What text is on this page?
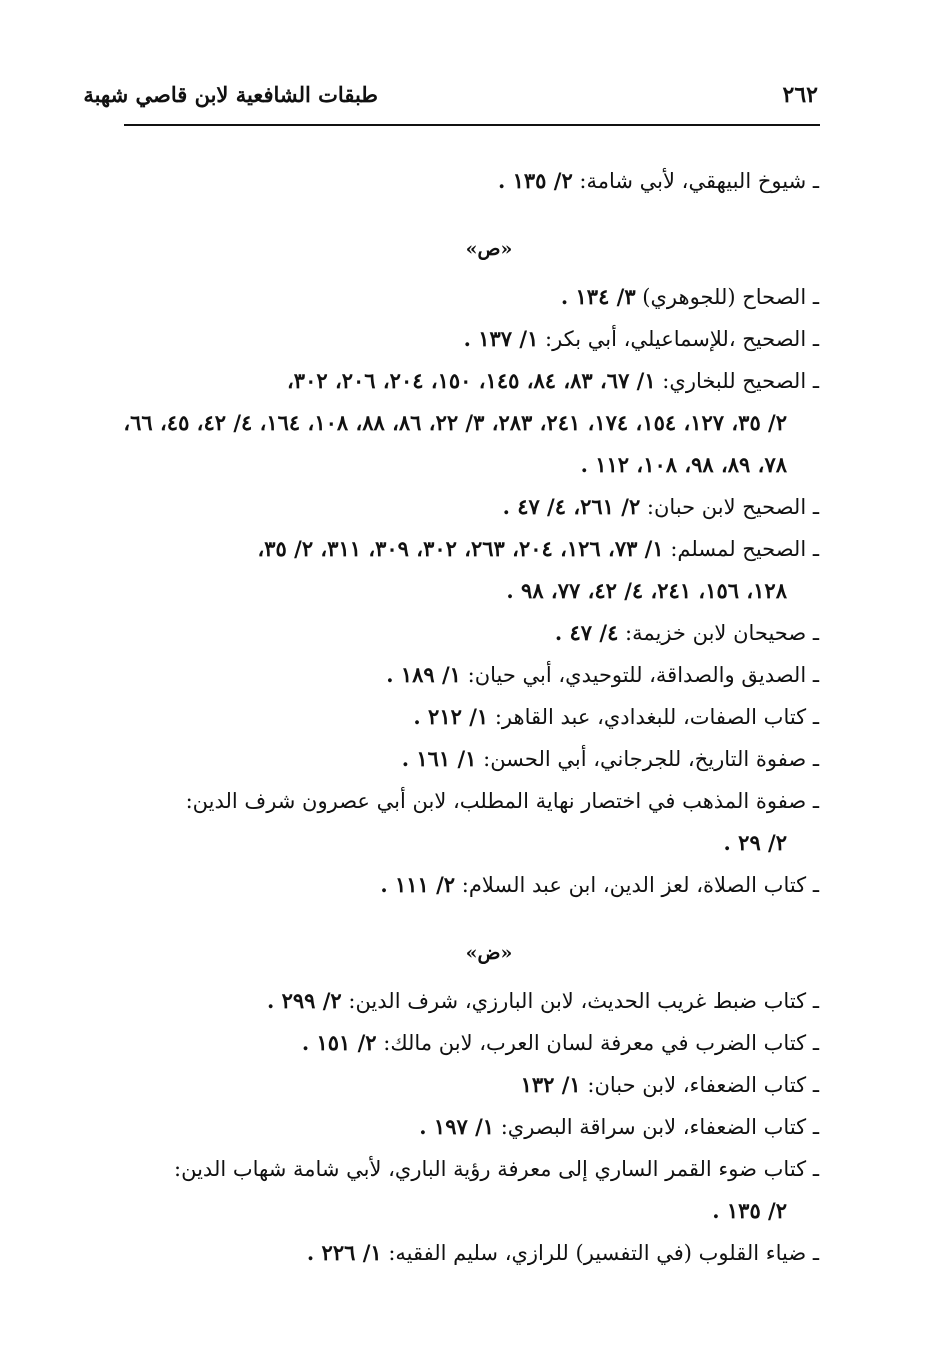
طبقات الشافعية لابن قاصي شهبة	٢٦٢

ـ شيوخ البيهقي، لأبي شامة: ٢/ ١٣٥ .

«ص»

ـ الصحاح (للجوهري) ٣/ ١٣٤ .

ـ الصحيح ،للإسماعيلي، أبي بكر: ١/ ١٣٧ .

ـ الصحيح للبخاري: ١/ ٦٧، ٨٣، ٨٤، ١٤٥، ١٥٠، ٢٠٤، ٢٠٦، ٣٠٢،
٢/ ٣٥، ١٢٧، ١٥٤، ١٧٤، ٢٤١، ٢٨٣، ٣/ ٢٢، ٨٦، ٨٨، ١٠٨، ١٦٤، ٤/ ٤٢، ٤٥، ٦٦، ٧٨، ٨٩، ٩٨، ١٠٨، ١١٢ .

ـ الصحيح لابن حبان: ٢/ ٢٦١، ٤/ ٤٧ .

ـ الصحيح لمسلم: ١/ ٧٣، ١٢٦، ٢٠٤، ٢٦٣، ٣٠٢، ٣٠٩، ٣١١، ٢/ ٣٥،
١٢٨، ١٥٦، ٢٤١، ٤/ ٤٢، ٧٧، ٩٨ .

ـ صحيحان لابن خزيمة: ٤/ ٤٧ .

ـ الصديق والصداقة، للتوحيدي، أبي حيان: ١/ ١٨٩ .

ـ كتاب الصفات، للبغدادي، عبد القاهر: ١/ ٢١٢ .

ـ صفوة التاريخ، للجرجاني، أبي الحسن: ١/ ١٦١ .

ـ صفوة المذهب في اختصار نهاية المطلب، لابن أبي عصرون شرف الدين:
٢/ ٢٩ .

ـ كتاب الصلاة، لعز الدين، ابن عبد السلام: ٢/ ١١١ .

«ض»

ـ كتاب ضبط غريب الحديث، لابن البارزي، شرف الدين: ٢/ ٢٩٩ .

ـ كتاب الضرب في معرفة لسان العرب، لابن مالك: ٢/ ١٥١ .

ـ كتاب الضعفاء، لابن حبان: ١/ ١٣٢

ـ كتاب الضعفاء، لابن سراقة البصري: ١/ ١٩٧ .

ـ كتاب ضوء القمر الساري إلى معرفة رؤية الباري، لأبي شامة شهاب الدين:
٢/ ١٣٥ .

ـ ضياء القلوب (في التفسير) للرازي، سليم الفقيه: ١/ ٢٢٦ .
